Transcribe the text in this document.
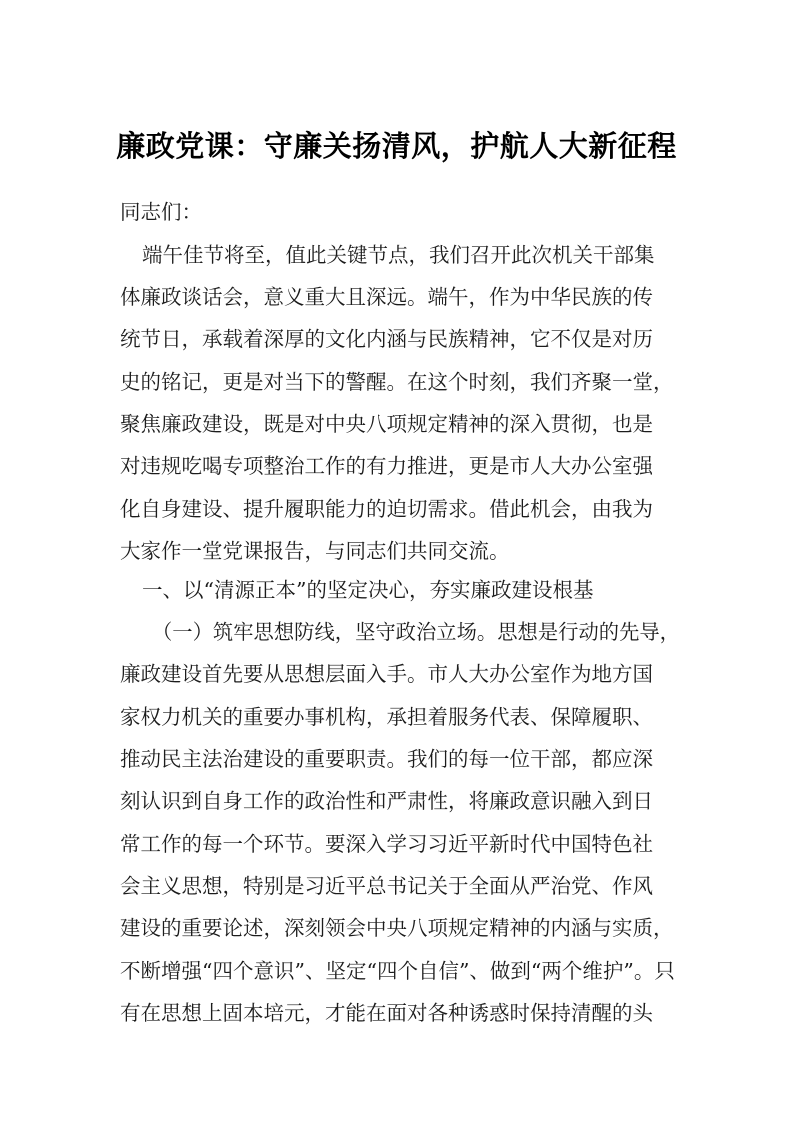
廉政党课：守廉关扬清风，护航人大新征程
同志们：
端午佳节将至，值此关键节点，我们召开此次机关干部集
体廉政谈话会，意义重大且深远。端午，作为中华民族的传
统节日，承载着深厚的文化内涵与民族精神，它不仅是对历
史的铭记，更是对当下的警醒。在这个时刻，我们齐聚一堂，
聚焦廉政建设，既是对中央八项规定精神的深入贯彻，也是
对违规吃喝专项整治工作的有力推进，更是市人大办公室强
化自身建设、提升履职能力的迫切需求。借此机会，由我为
大家作一堂党课报告，与同志们共同交流。
一、以“清源正本”的坚定决心，夯实廉政建设根基
（一）筑牢思想防线，坚守政治立场。思想是行动的先导，
廉政建设首先要从思想层面入手。市人大办公室作为地方国
家权力机关的重要办事机构，承担着服务代表、保障履职、
推动民主法治建设的重要职责。我们的每一位干部，都应深
刻认识到自身工作的政治性和严肃性，将廉政意识融入到日
常工作的每一个环节。要深入学习习近平新时代中国特色社
会主义思想，特别是习近平总书记关于全面从严治党、作风
建设的重要论述，深刻领会中央八项规定精神的内涵与实质，
不断增强“四个意识”、坚定“四个自信”、做到“两个维护”。只
有在思想上固本培元，才能在面对各种诱惑时保持清醒的头
